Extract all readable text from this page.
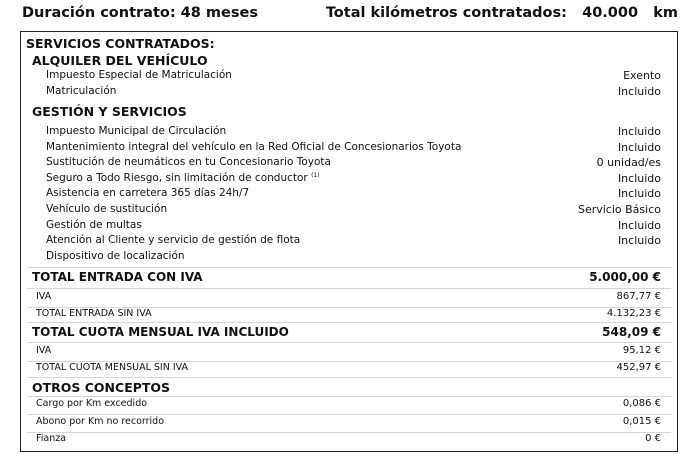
Duración contrato: 48 meses	Total kilómetros contratados: 40.000 km
SERVICIOS CONTRATADOS:
ALQUILER DEL VEHÍCULO
Impuesto Especial de Matriculación	Exento
Matriculación	Incluido
GESTIÓN Y SERVICIOS
Impuesto Municipal de Circulación	Incluido
Mantenimiento integral del vehículo en la Red Oficial de Concesionarios Toyota	Incluido
Sustitución de neumáticos en tu Concesionario Toyota	0 unidad/es
Seguro a Todo Riesgo, sin limitación de conductor $^{(1)}$	Incluido
Asistencia en carretera 365 días 24h/7	Incluido
Vehículo de sustitución	Servicio Básico
Gestión de multas	Incluido
Atención al Cliente y servicio de gestión de flota	Incluido
Dispositivo de localización
TOTAL ENTRADA CON IVA	5.000,00 €
IVA	867,77 €
TOTAL ENTRADA SIN IVA	4.132,23 €
TOTAL CUOTA MENSUAL IVA INCLUIDO	548,09 €
IVA	95,12 €
TOTAL CUOTA MENSUAL SIN IVA	452,97 €
OTROS CONCEPTOS
Cargo por Km excedido	0,086 €
Abono por Km no recorrido	0,015 €
Fianza	0 €
